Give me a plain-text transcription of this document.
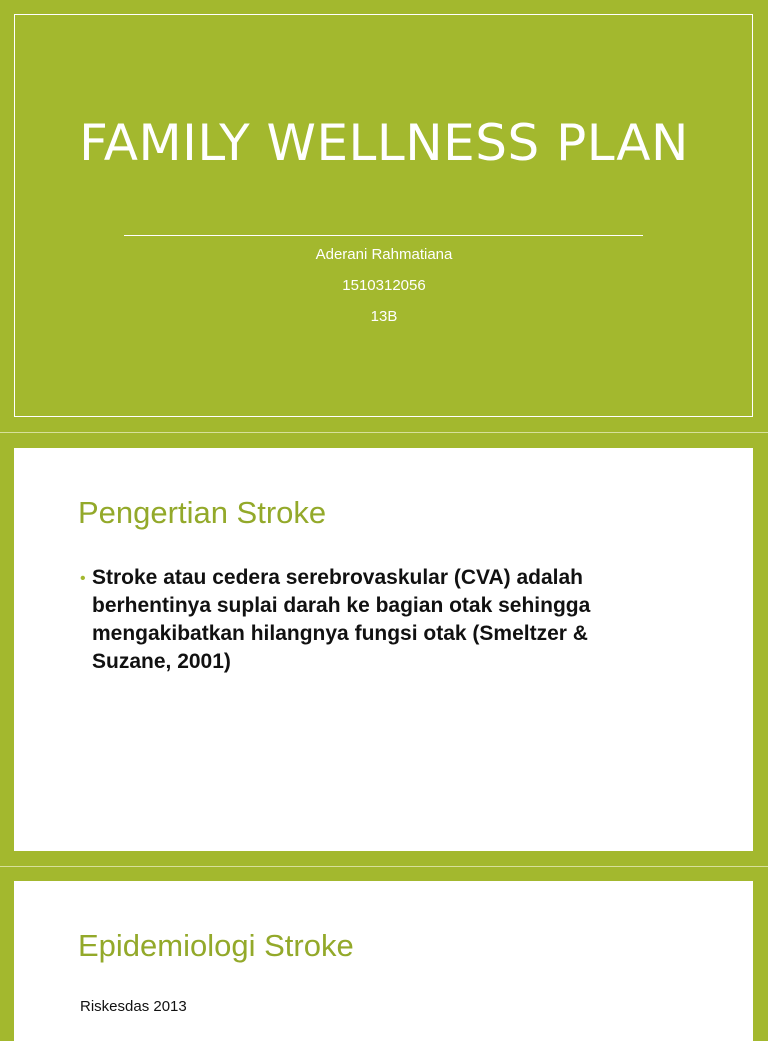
FAMILY WELLNESS PLAN
Aderani Rahmatiana
1510312056
13B
Pengertian Stroke
• Stroke atau cedera serebrovaskular (CVA) adalah berhentinya suplai darah ke bagian otak sehingga mengakibatkan hilangnya fungsi otak (Smeltzer & Suzane, 2001)
Epidemiologi Stroke
Riskesdas 2013
